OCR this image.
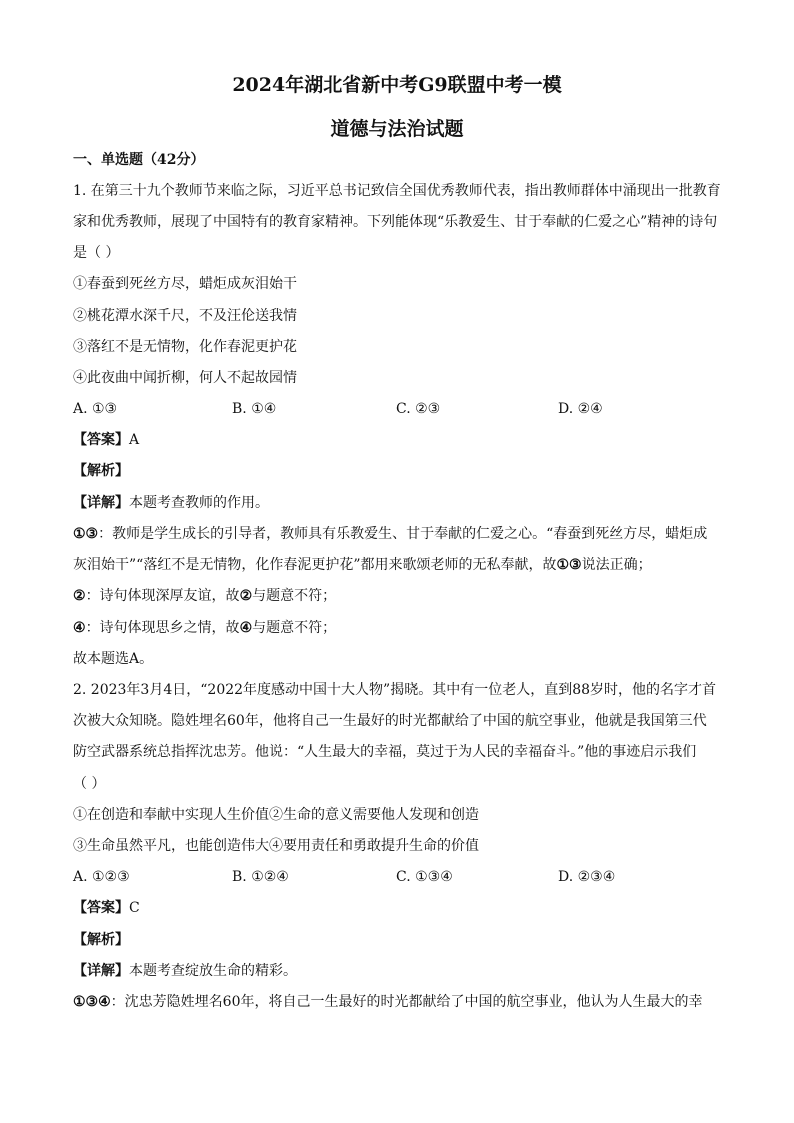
2024年湖北省新中考G9联盟中考一模
道德与法治试题
一、单选题（42分）
1. 在第三十九个教师节来临之际，习近平总书记致信全国优秀教师代表，指出教师群体中涌现出一批教育
家和优秀教师，展现了中国特有的教育家精神。下列能体现“乐教爱生、甘于奉献的仁爱之心”精神的诗句
是（ ）
①春蚕到死丝方尽，蜡炬成灰泪始干
②桃花潭水深千尺，不及汪伦送我情
③落红不是无情物，化作春泥更护花
④此夜曲中闻折柳，何人不起故园情
A. ①③	B. ①④	C. ②③	D. ②④
【答案】A
【解析】
【详解】本题考查教师的作用。
①③：教师是学生成长的引导者，教师具有乐教爱生、甘于奉献的仁爱之心。“春蚕到死丝方尽，蜡炬成
灰泪始干”“落红不是无情物，化作春泥更护花”都用来歌颂老师的无私奉献，故①③说法正确；
②：诗句体现深厚友谊，故②与题意不符；
④：诗句体现思乡之情，故④与题意不符；
故本题选A。
2. 2023年3月4日，“2022年度感动中国十大人物”揭晓。其中有一位老人，直到88岁时，他的名字才首
次被大众知晓。隐姓埋名60年，他将自己一生最好的时光都献给了中国的航空事业，他就是我国第三代
防空武器系统总指挥沈忠芳。他说：“人生最大的幸福，莫过于为人民的幸福奋斗。”他的事迹启示我们
（ ）
①在创造和奉献中实现人生价值②生命的意义需要他人发现和创造
③生命虽然平凡，也能创造伟大④要用责任和勇敢提升生命的价值
A. ①②③	B. ①②④	C. ①③④	D. ②③④
【答案】C
【解析】
【详解】本题考查绽放生命的精彩。
①③④：沈忠芳隐姓埋名60年，将自己一生最好的时光都献给了中国的航空事业，他认为人生最大的幸
